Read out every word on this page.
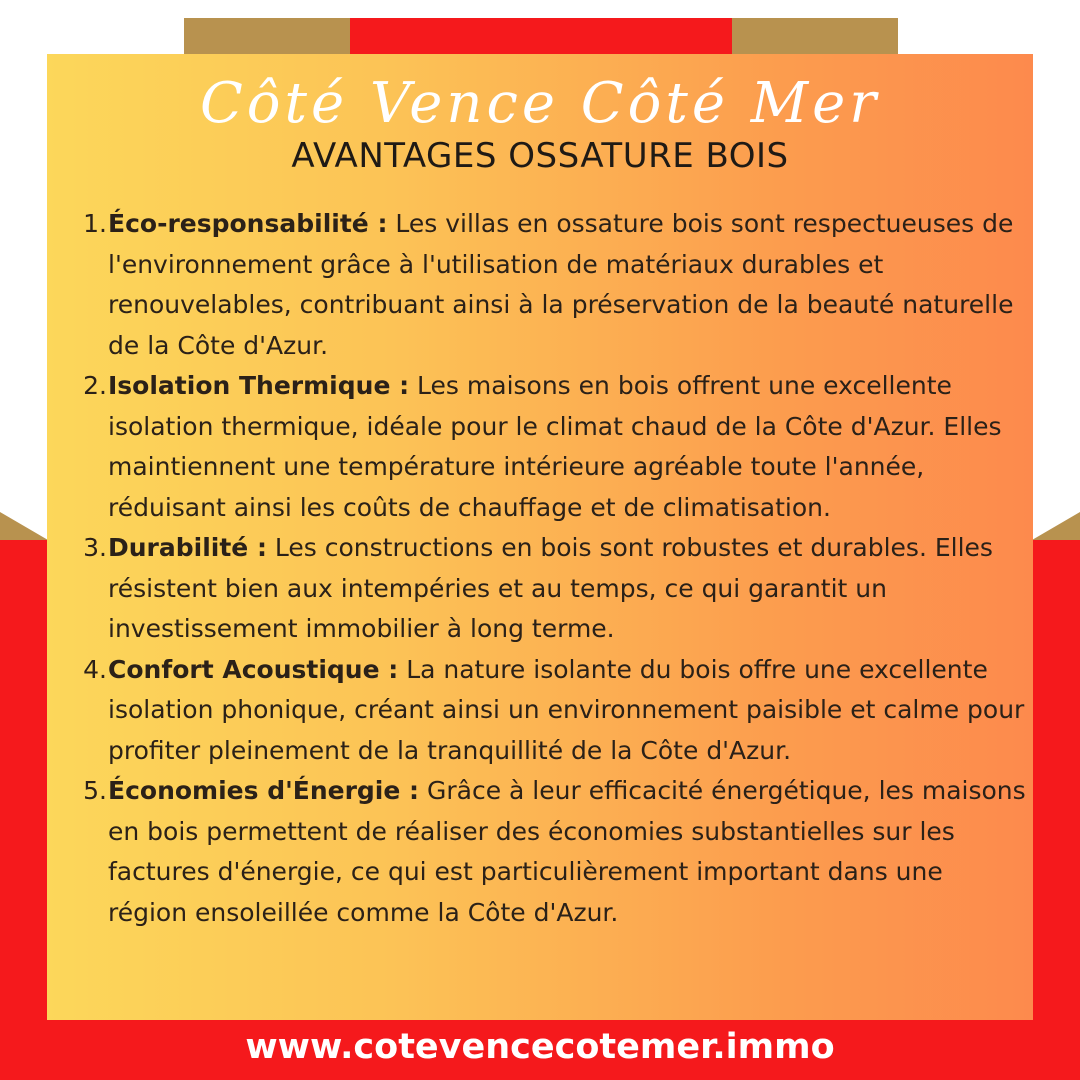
Côté Vence Côté Mer
AVANTAGES OSSATURE BOIS
1. Éco-responsabilité : Les villas en ossature bois sont respectueuses de l'environnement grâce à l'utilisation de matériaux durables et renouvelables, contribuant ainsi à la préservation de la beauté naturelle de la Côte d'Azur.
2. Isolation Thermique : Les maisons en bois offrent une excellente isolation thermique, idéale pour le climat chaud de la Côte d'Azur. Elles maintiennent une température intérieure agréable toute l'année, réduisant ainsi les coûts de chauffage et de climatisation.
3. Durabilité : Les constructions en bois sont robustes et durables. Elles résistent bien aux intempéries et au temps, ce qui garantit un investissement immobilier à long terme.
4. Confort Acoustique : La nature isolante du bois offre une excellente isolation phonique, créant ainsi un environnement paisible et calme pour profiter pleinement de la tranquillité de la Côte d'Azur.
5. Économies d'Énergie : Grâce à leur efficacité énergétique, les maisons en bois permettent de réaliser des économies substantielles sur les factures d'énergie, ce qui est particulièrement important dans une région ensoleillée comme la Côte d'Azur.
www.cotevencecotemer.immo
